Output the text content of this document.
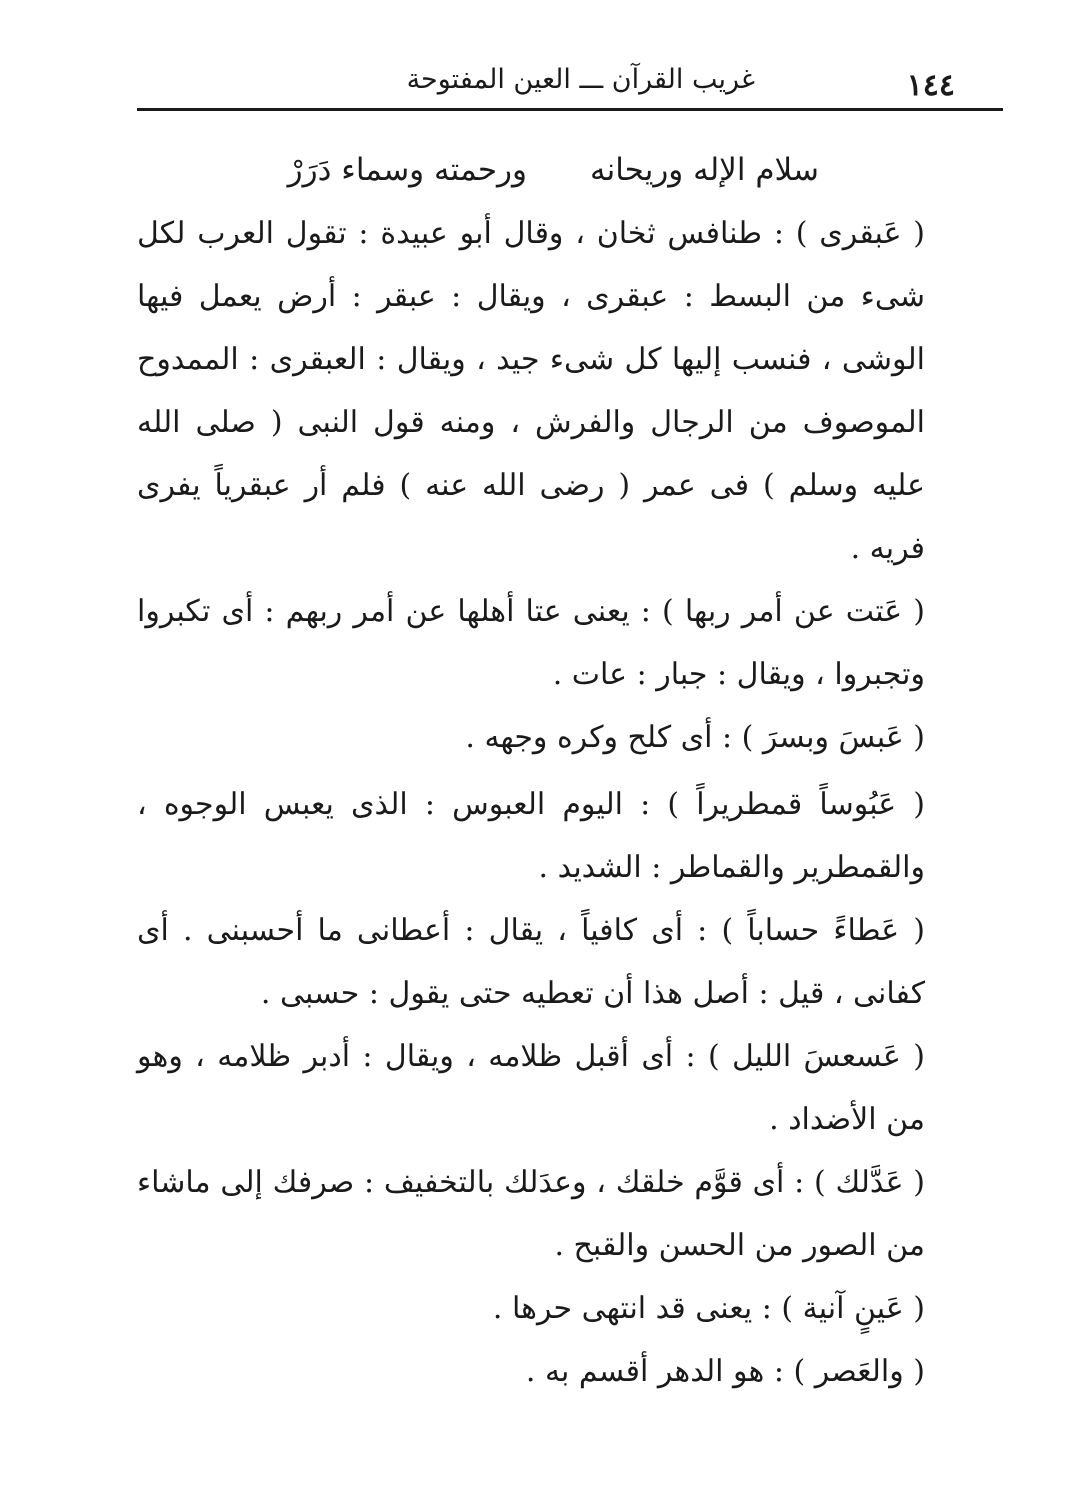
١٤٤
غريب القرآن ـــ العين المفتوحة
سلام الإله وريحانه
ورحمته وسماء دَرَرْ

( عَبقرى ) : طنافس ثخان ، وقال أبو عبيدة : تقول العرب لكل شىء من البسط : عبقرى ، ويقال : عبقر : أرض يعمل فيها الوشى ، فنسب إليها كل شىء جيد ، ويقال : العبقرى : الممدوح الموصوف من الرجال والفرش ، ومنه قول النبى ( صلى الله عليه وسلم ) فى عمر ( رضى الله عنه ) فلم أر عبقرياً يفرى فريه .

( عَتت عن أمر ربها ) : يعنى عتا أهلها عن أمر ربهم : أى تكبروا وتجبروا ، ويقال : جبار : عات .

( عَبسَ وبسرَ ) : أى كلح وكره وجهه .

( عَبُوساً قمطريراً ) : اليوم العبوس : الذى يعبس الوجوه ، والقمطرير والقماطر : الشديد .

( عَطاءً حساباً ) : أى كافياً ، يقال : أعطانى ما أحسبنى . أى كفانى ، قيل : أصل هذا أن تعطيه حتى يقول : حسبى .

( عَسعسَ الليل ) : أى أقبل ظلامه ، ويقال : أدبر ظلامه ، وهو من الأضداد .

( عَدَّلك ) : أى قوَّم خلقك ، وعدَلك بالتخفيف : صرفك إلى ماشاء من الصور من الحسن والقبح .

( عَينٍ آنية ) : يعنى قد انتهى حرها .

( والعَصر ) : هو الدهر أقسم به .
